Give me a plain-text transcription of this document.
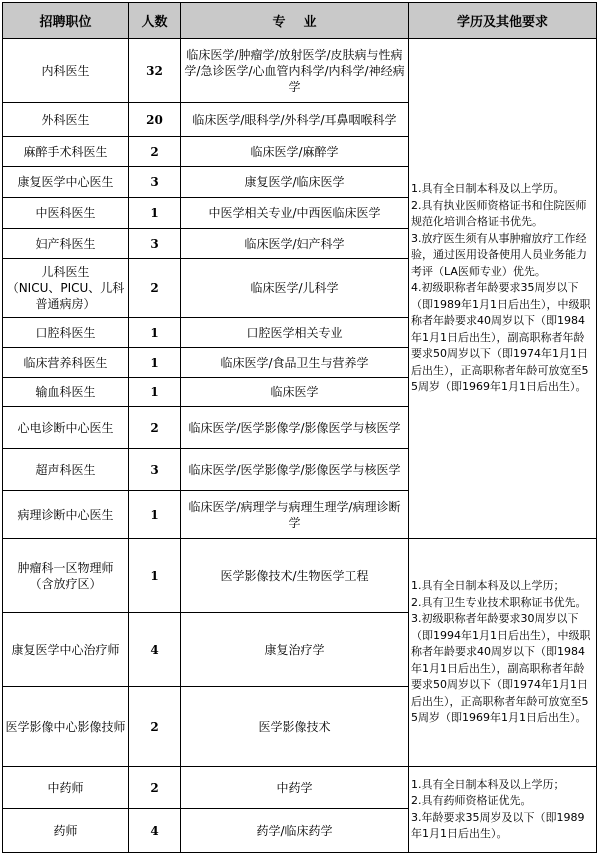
招聘职位	人数	专    业	学历及其他要求
内科医生	32	临床医学/肿瘤学/放射医学/皮肤病与性病学/急诊医学/心血管内科学/内科学/神经病学	1.具有全日制本科及以上学历。
2.具有执业医师资格证书和住院医师规范化培训合格证书优先。
3.放疗医生须有从事肿瘤放疗工作经验，通过医用设备使用人员业务能力考评（LA医师专业）优先。
4.初级职称者年龄要求35周岁以下（即1989年1月1日后出生），中级职称者年龄要求40周岁以下（即1984年1月1日后出生），副高职称者年龄要求50周岁以下（即1974年1月1日后出生），正高职称者年龄可放宽至55周岁（即1969年1月1日后出生）。

外科医生	20	临床医学/眼科学/外科学/耳鼻咽喉科学	
麻醉手术科医生	2	临床医学/麻醉学	
康复医学中心医生	3	康复医学/临床医学	
中医科医生	1	中医学相关专业/中西医临床医学	
妇产科医生	3	临床医学/妇产科学	
儿科医生
（NICU、PICU、儿科普通病房）	2	临床医学/儿科学	
口腔科医生	1	口腔医学相关专业	
临床营养科医生	1	临床医学/食品卫生与营养学	
输血科医生	1	临床医学	
心电诊断中心医生	2	临床医学/医学影像学/影像医学与核医学	
超声科医生	3	临床医学/医学影像学/影像医学与核医学	
病理诊断中心医生	1	临床医学/病理学与病理生理学/病理诊断学	
肿瘤科一区物理师
（含放疗区）	1	医学影像技术/生物医学工程	1.具有全日制本科及以上学历；
2.具有卫生专业技术职称证书优先。
3.初级职称者年龄要求30周岁以下（即1994年1月1日后出生），中级职称者年龄要求40周岁以下（即1984年1月1日后出生），副高职称者年龄要求50周岁以下（即1974年1月1日后出生），正高职称者年龄可放宽至55周岁（即1969年1月1日后出生）。

康复医学中心治疗师	4	康复治疗学	
医学影像中心影像技师	2	医学影像技术	
中药师	2	中药学	1.具有全日制本科及以上学历；
2.具有药师资格证优先。
3.年龄要求35周岁及以下（即1989年1月1日后出生）。

药师	4	药学/临床药学	
